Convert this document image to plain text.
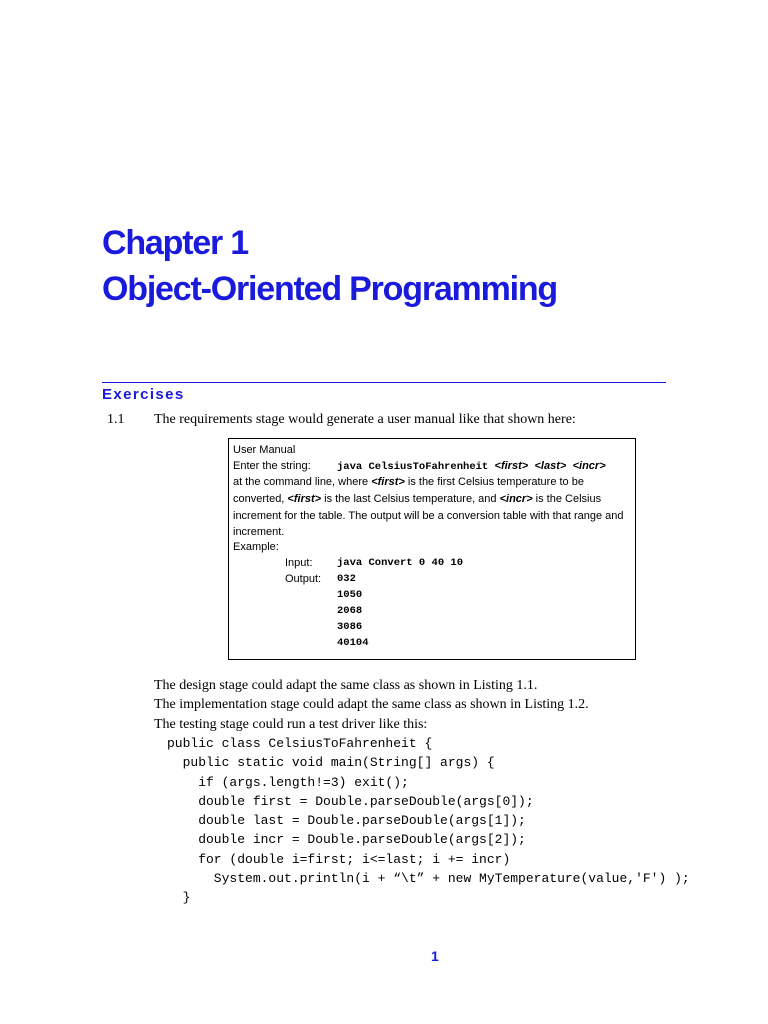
Chapter 1
Object-Oriented Programming
Exercises
1.1 The requirements stage would generate a user manual like that shown here:
User Manual
Enter the string:	java CelsiusToFahrenheit <first> <last> <incr>
at the command line, where <first> is the first Celsius temperature to be converted, <first> is the last Celsius temperature, and <incr> is the Celsius increment for the table. The output will be a conversion table with that range and increment.
Example:

Input: java Convert 0 40 10

Output: 032

1050

2068

3086

40104
The design stage could adapt the same class as shown in Listing 1.1.
The implementation stage could adapt the same class as shown in Listing 1.2.
The testing stage could run a test driver like this:
public class CelsiusToFahrenheit {
public static void main(String[] args) {
if (args.length!=3) exit();
double first = Double.parseDouble(args[0]);
double last = Double.parseDouble(args[1]);
double incr = Double.parseDouble(args[2]);
for (double i=first; i<=last; i += incr)
System.out.println(i + “\t” + new MyTemperature(value,'F') );
}
1
